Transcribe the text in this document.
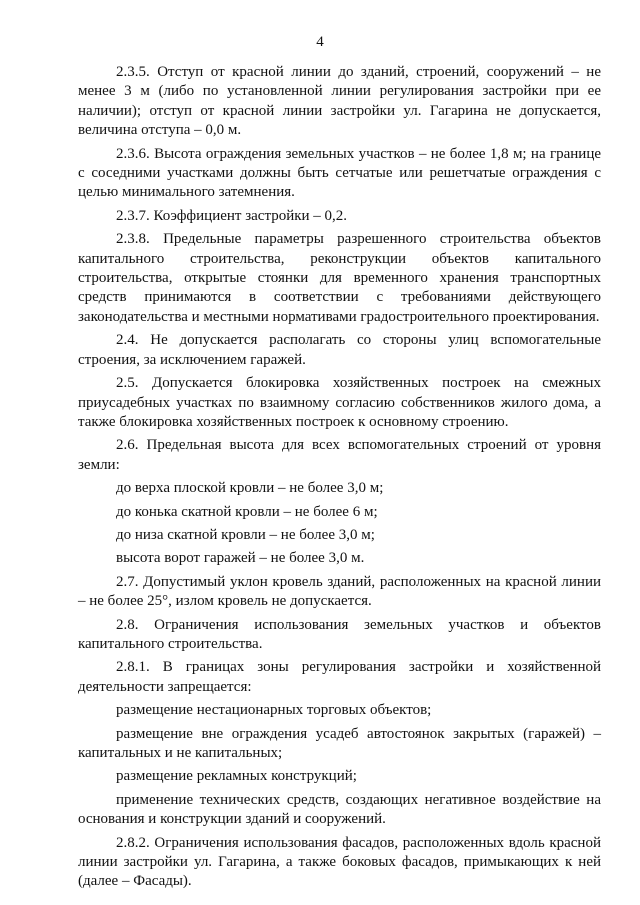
4

2.3.5. Отступ от красной линии до зданий, строений, сооружений – не менее 3 м (либо по установленной линии регулирования застройки при ее наличии); отступ от красной линии застройки ул. Гагарина не допускается, величина отступа – 0,0 м.

2.3.6. Высота ограждения земельных участков – не более 1,8 м; на границе с соседними участками должны быть сетчатые или решетчатые ограждения с целью минимального затемнения.

2.3.7. Коэффициент застройки – 0,2.

2.3.8. Предельные параметры разрешенного строительства объектов капитального строительства, реконструкции объектов капитального строительства, открытые стоянки для временного хранения транспортных средств принимаются в соответствии с требованиями действующего законодательства и местными нормативами градостроительного проектирования.

2.4. Не допускается располагать со стороны улиц вспомогательные строения, за исключением гаражей.

2.5. Допускается блокировка хозяйственных построек на смежных приусадебных участках по взаимному согласию собственников жилого дома, а также блокировка хозяйственных построек к основному строению.

2.6. Предельная высота для всех вспомогательных строений от уровня земли:

до верха плоской кровли – не более 3,0 м;

до конька скатной кровли – не более 6 м;

до низа скатной кровли – не более 3,0 м;

высота ворот гаражей – не более 3,0 м.

2.7. Допустимый уклон кровель зданий, расположенных на красной линии – не более 25°, излом кровель не допускается.

2.8. Ограничения использования земельных участков и объектов капитального строительства.

2.8.1. В границах зоны регулирования застройки и хозяйственной деятельности запрещается:

размещение нестационарных торговых объектов;

размещение вне ограждения усадеб автостоянок закрытых (гаражей) – капитальных и не капитальных;

размещение рекламных конструкций;

применение технических средств, создающих негативное воздействие на основания и конструкции зданий и сооружений.

2.8.2. Ограничения использования фасадов, расположенных вдоль красной линии застройки ул. Гагарина, а также боковых фасадов, примыкающих к ней (далее – Фасады).
